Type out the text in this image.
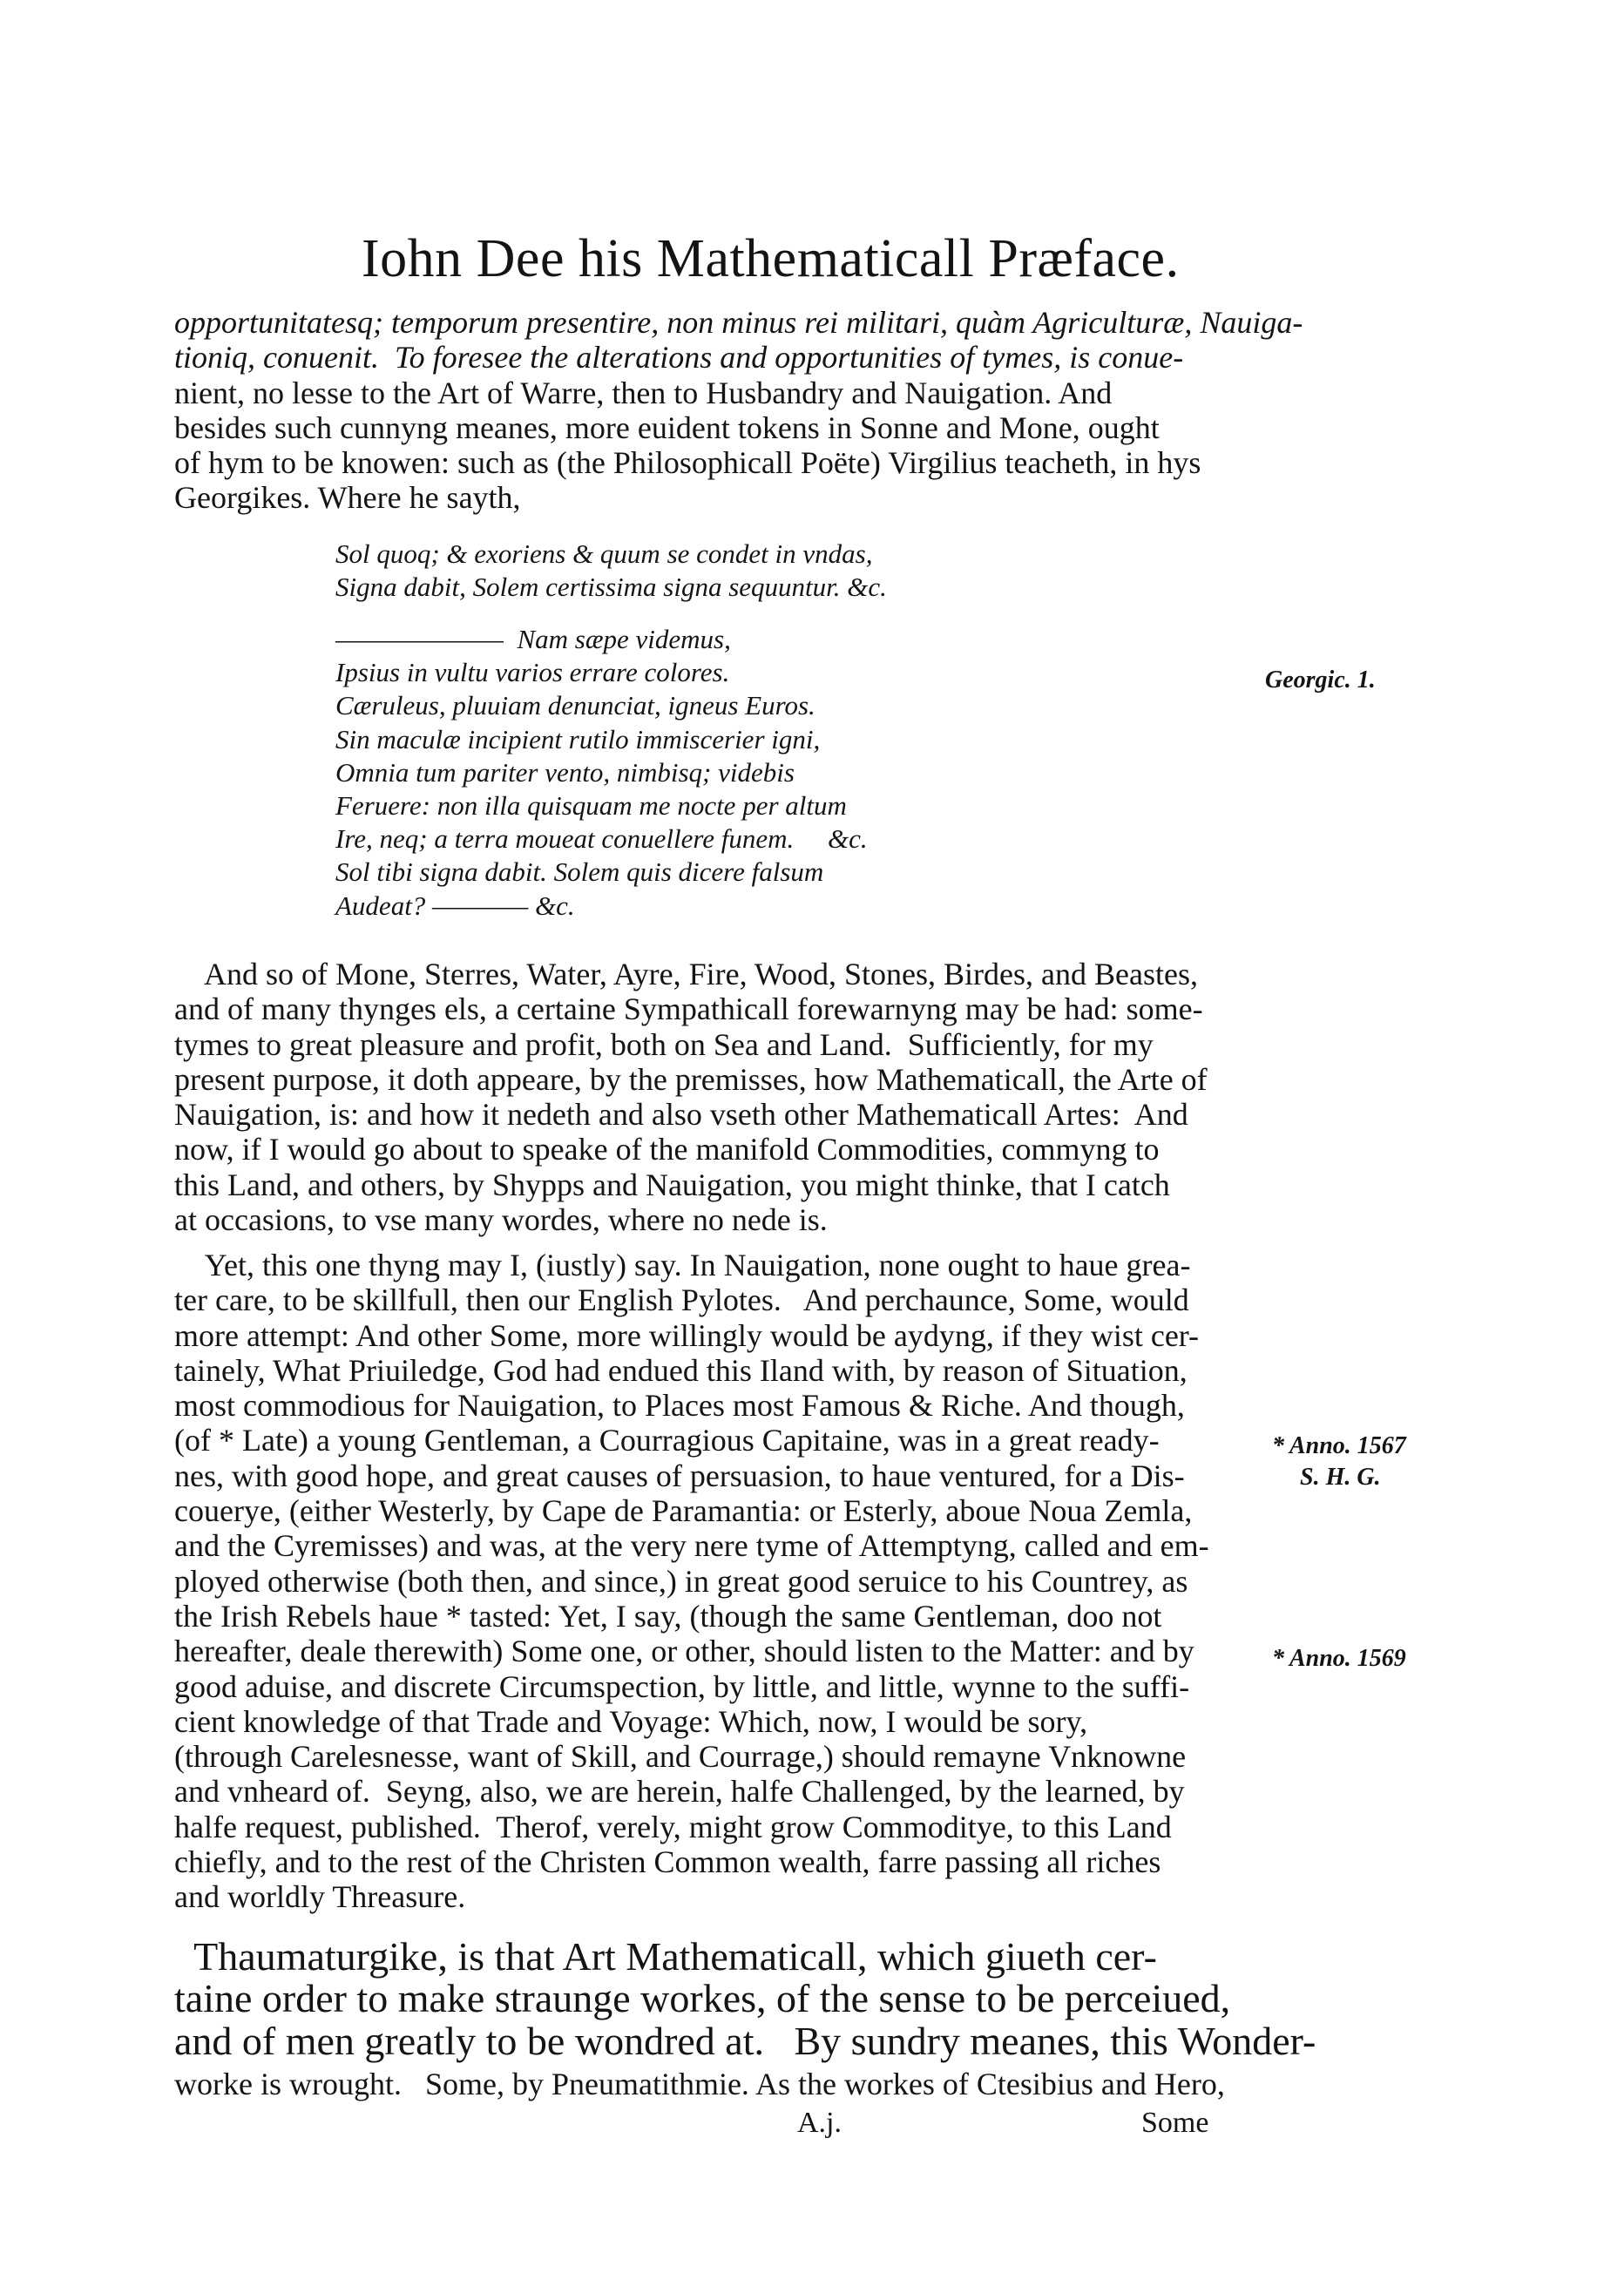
Iohn Dee his Mathematicall Præface.
opportunitatesq; temporum presentire, non minus rei militari, quàm Agriculturæ, Nauiga-
tioniq, conuenit.  To foresee the alterations and opportunities of tymes, is conue-
nient, no lesse to the Art of Warre, then to Husbandry and Nauigation. And
besides such cunnyng meanes, more euident tokens in Sonne and Mone, ought
of hym to be knowen: such as (the Philosophicall Poëte) Virgilius teacheth, in hys
Georgikes. Where he sayth,
Sol quoq; & exoriens & quum se condet in vndas,
Signa dabit, Solem certissima signa sequuntur. &c.
———————  Nam sæpe videmus,
Ipsius in vultu varios errare colores.
Cæruleus, pluuiam denunciat, igneus Euros.
Sin maculæ incipient rutilo immiscerier igni,
Omnia tum pariter vento, nimbisq; videbis
Feruere: non illa quisquam me nocte per altum
Ire, neq; a terra moueat conuellere funem.     &c.
Sol tibi signa dabit. Solem quis dicere falsum
Audeat? ———— &c.
And so of Mone, Sterres, Water, Ayre, Fire, Wood, Stones, Birdes, and Beastes,
and of many thynges els, a certaine Sympathicall forewarnyng may be had: some-
tymes to great pleasure and profit, both on Sea and Land.  Sufficiently, for my
present purpose, it doth appeare, by the premisses, how Mathematicall, the Arte of
Nauigation, is: and how it nedeth and also vseth other Mathematicall Artes:  And
now, if I would go about to speake of the manifold Commodities, commyng to
this Land, and others, by Shypps and Nauigation, you might thinke, that I catch
at occasions, to vse many wordes, where no nede is.
Yet, this one thyng may I, (iustly) say. In Nauigation, none ought to haue grea-
ter care, to be skillfull, then our English Pylotes.   And perchaunce, Some, would
more attempt: And other Some, more willingly would be aydyng, if they wist cer-
tainely, What Priuiledge, God had endued this Iland with, by reason of Situation,
most commodious for Nauigation, to Places most Famous & Riche. And though,
(of * Late) a young Gentleman, a Courragious Capitaine, was in a great ready-
nes, with good hope, and great causes of persuasion, to haue ventured, for a Dis-
couerye, (either Westerly, by Cape de Paramantia: or Esterly, aboue Noua Zemla,
and the Cyremisses) and was, at the very nere tyme of Attemptyng, called and em-
ployed otherwise (both then, and since,) in great good seruice to his Countrey, as
the Irish Rebels haue * tasted: Yet, I say, (though the same Gentleman, doo not
hereafter, deale therewith) Some one, or other, should listen to the Matter: and by
good aduise, and discrete Circumspection, by little, and little, wynne to the suffi-
cient knowledge of that Trade and Voyage: Which, now, I would be sory,
(through Carelesnesse, want of Skill, and Courrage,) should remayne Vnknowne
and vnheard of.  Seyng, also, we are herein, halfe Challenged, by the learned, by
halfe request, published.  Therof, verely, might grow Commoditye, to this Land
chiefly, and to the rest of the Christen Common wealth, farre passing all riches
and worldly Threasure.
Thaumaturgike, is that Art Mathematicall, which giueth cer-
taine order to make straunge workes, of the sense to be perceiued,
and of men greatly to be wondred at.   By sundry meanes, this Wonder-
worke is wrought.   Some, by Pneumatithmie. As the workes of Ctesibius and Hero,
Georgic. 1.
* Anno. 1567
S. H. G.
* Anno. 1569
A.j.	Some
